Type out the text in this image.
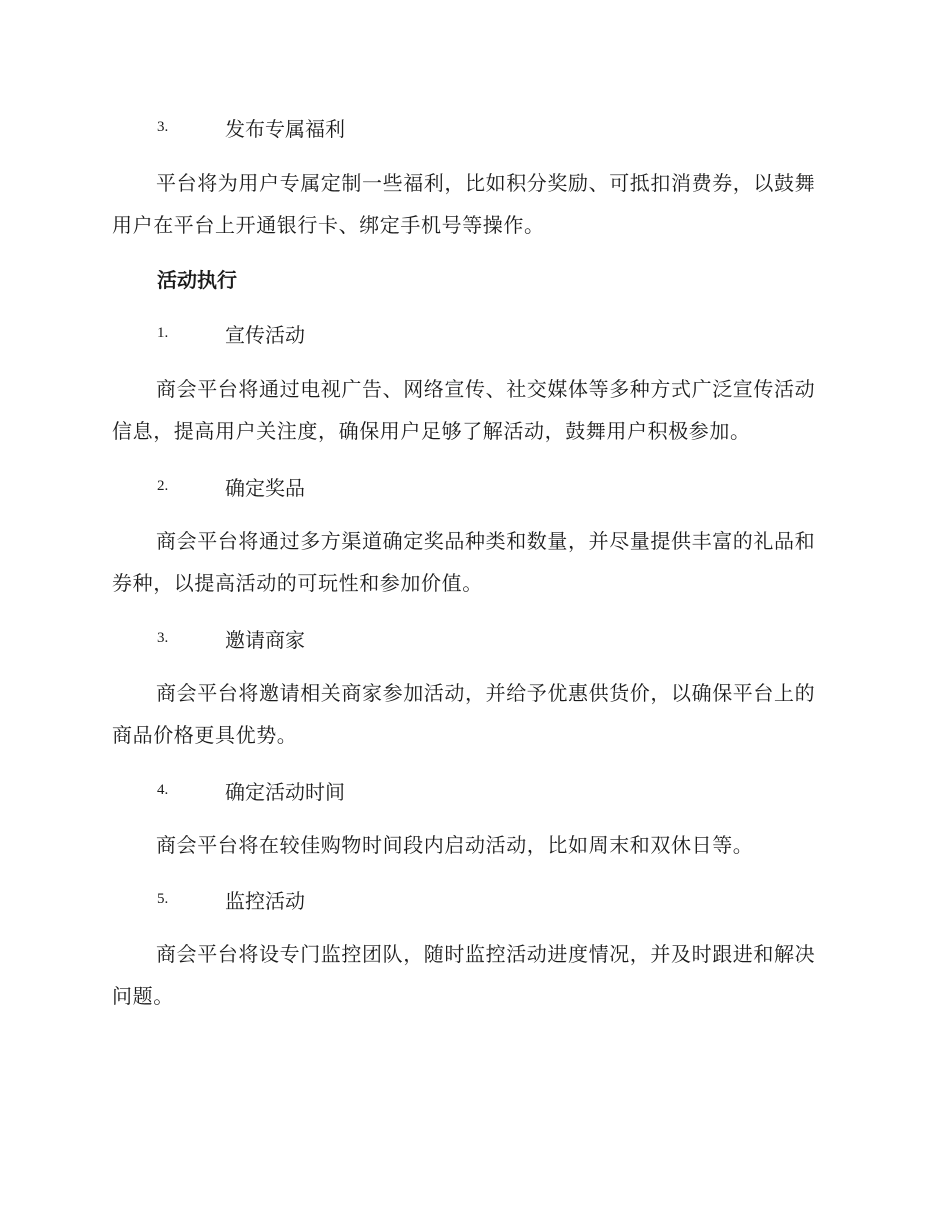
3.	发布专属福利

平台将为用户专属定制一些福利，比如积分奖励、可抵扣消费券，以鼓舞用户在平台上开通银行卡、绑定手机号等操作。

活动执行
1.	宣传活动

商会平台将通过电视广告、网络宣传、社交媒体等多种方式广泛宣传活动信息，提高用户关注度，确保用户足够了解活动，鼓舞用户积极参加。

2.	确定奖品

商会平台将通过多方渠道确定奖品种类和数量，并尽量提供丰富的礼品和券种，以提高活动的可玩性和参加价值。

3.	邀请商家

商会平台将邀请相关商家参加活动，并给予优惠供货价，以确保平台上的商品价格更具优势。

4.	确定活动时间

商会平台将在较佳购物时间段内启动活动，比如周末和双休日等。

5.	监控活动

商会平台将设专门监控团队，随时监控活动进度情况，并及时跟进和解决问题。
